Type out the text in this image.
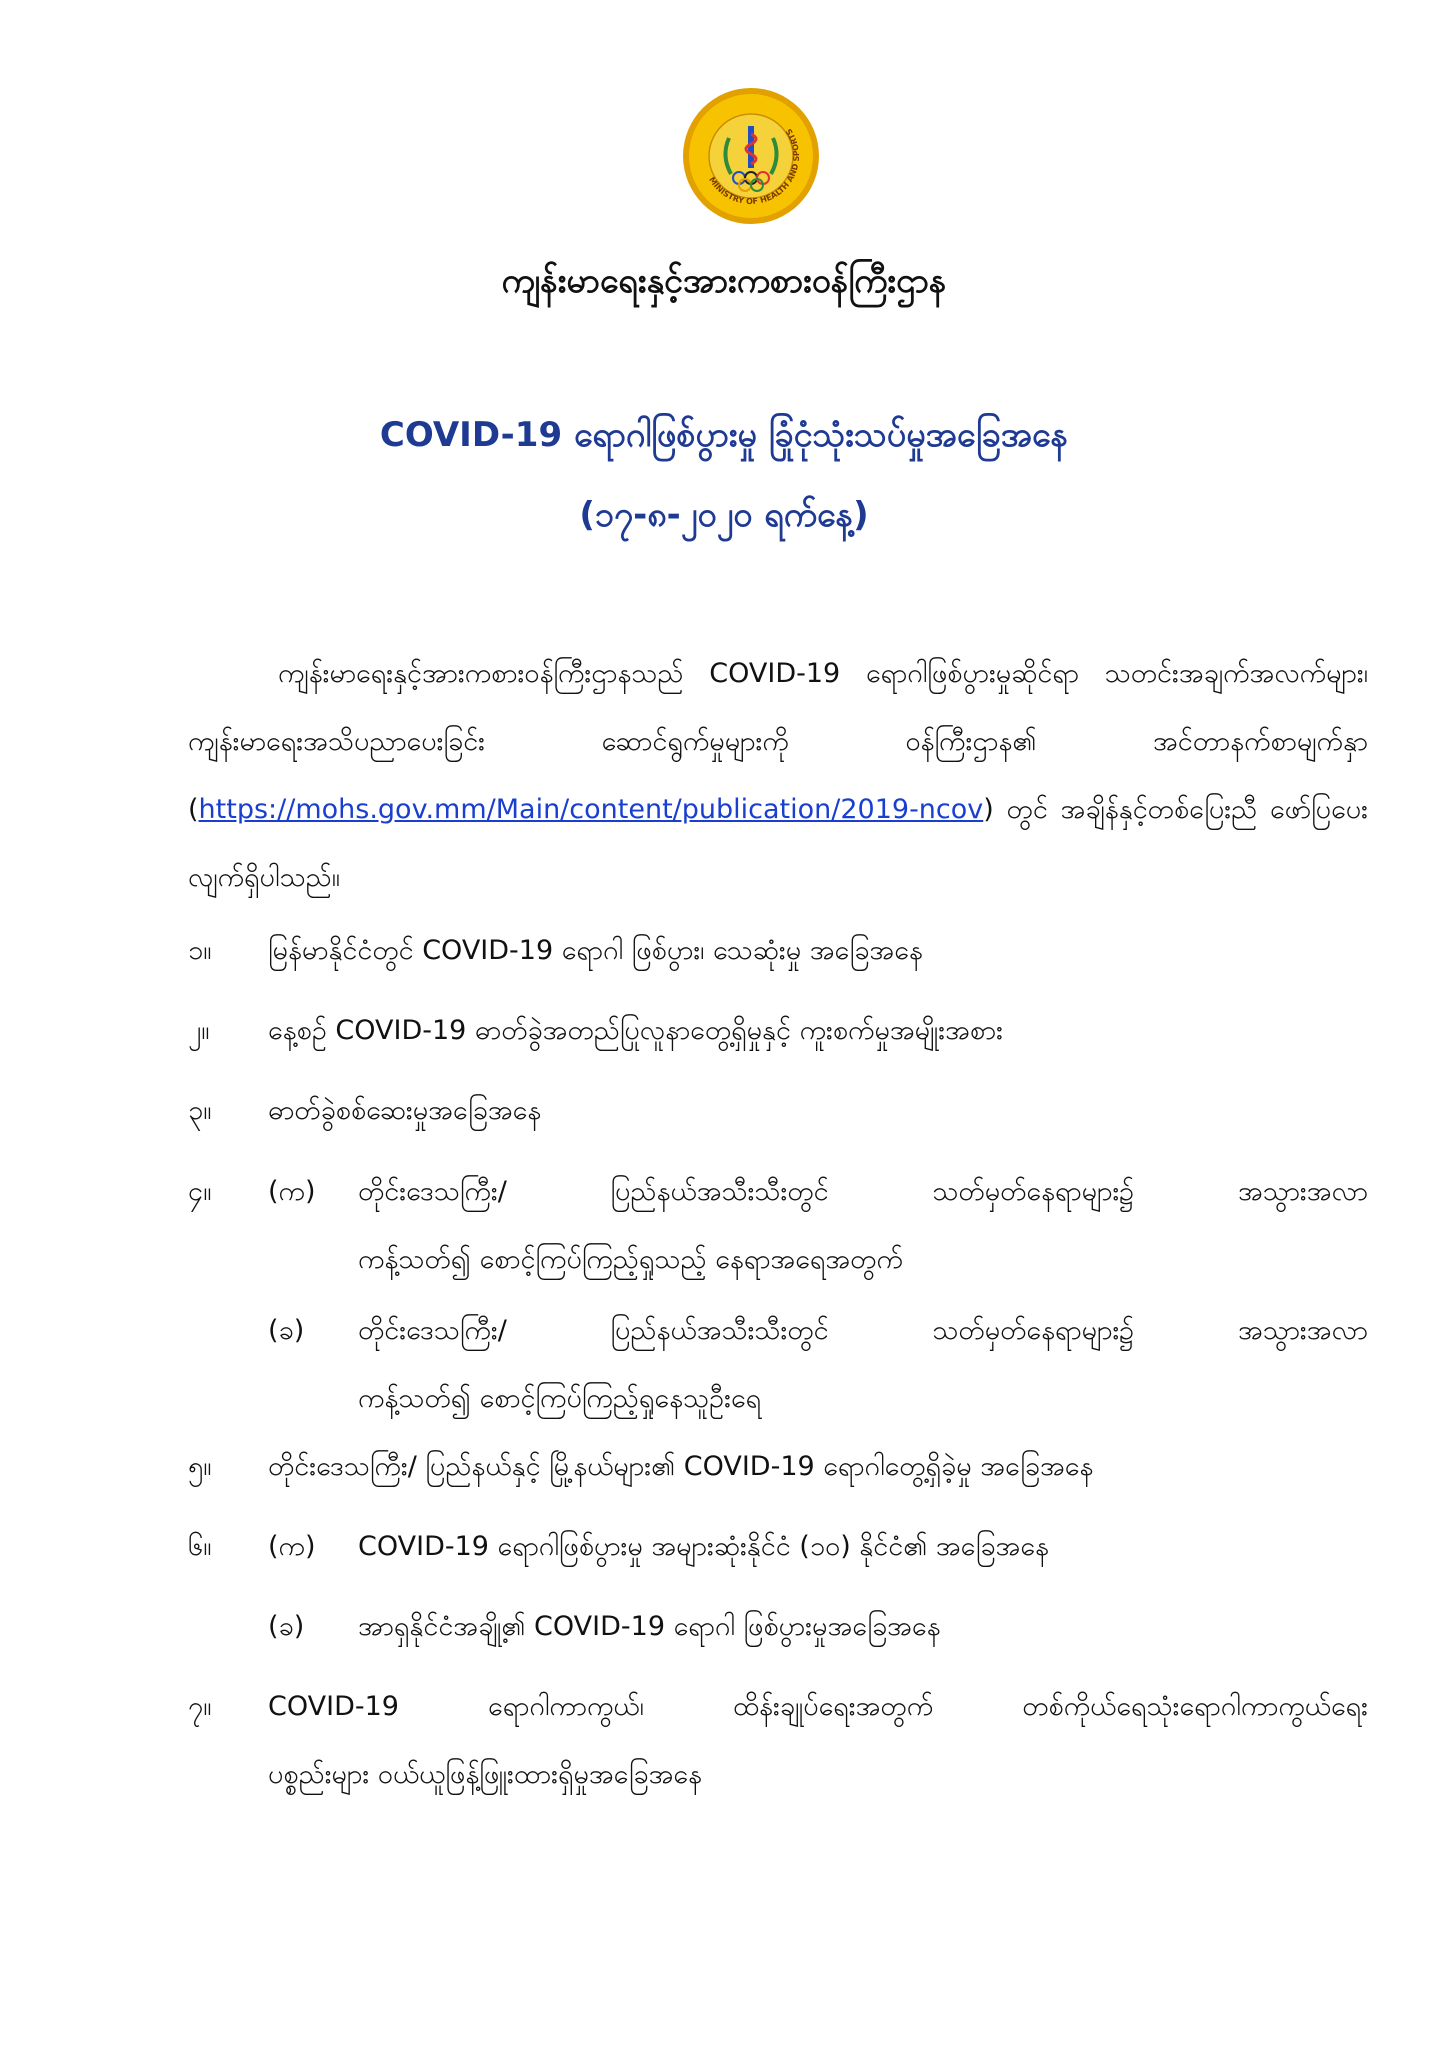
MINISTRY OF HEALTH AND SPORTS
ကျန်းမာရေးနှင့်အားကစားဝန်ကြီးဌာန
COVID-19 ရောဂါဖြစ်ပွားမှု ခြုံငုံသုံးသပ်မှုအခြေအနေ
(၁၇-၈-၂၀၂၀ ရက်နေ့)
ကျန်းမာရေးနှင့်အားကစားဝန်ကြီးဌာနသည် COVID-19 ရောဂါဖြစ်ပွားမှုဆိုင်ရာ သတင်းအချက်အလက်များ၊ ကျန်းမာရေးအသိပညာပေးခြင်း ဆောင်ရွက်မှုများကို ဝန်ကြီးဌာန၏ အင်တာနက်စာမျက်နှာ (https://mohs.gov.mm/Main/content/publication/2019-ncov) တွင် အချိန်နှင့်တစ်ပြေးညီ ဖော်ပြပေးလျက်ရှိပါသည်။
၁။ မြန်မာနိုင်ငံတွင် COVID-19 ရောဂါ ဖြစ်ပွား၊ သေဆုံးမှု အခြေအနေ
၂။ နေ့စဉ် COVID-19 ဓာတ်ခွဲအတည်ပြုလူနာတွေ့ရှိမှုနှင့် ကူးစက်မှုအမျိုးအစား
၃။ ဓာတ်ခွဲစစ်ဆေးမှုအခြေအနေ
၄။ (က) တိုင်းဒေသကြီး/ ပြည်နယ်အသီးသီးတွင် သတ်မှတ်နေရာများ၌ အသွားအလာ
ကန့်သတ်၍ စောင့်ကြပ်ကြည့်ရှုသည့် နေရာအရေအတွက်
(ခ) တိုင်းဒေသကြီး/ ပြည်နယ်အသီးသီးတွင် သတ်မှတ်နေရာများ၌ အသွားအလာ
ကန့်သတ်၍ စောင့်ကြပ်ကြည့်ရှုနေသူဦးရေ
၅။ တိုင်းဒေသကြီး/ ပြည်နယ်နှင့် မြို့နယ်များ၏ COVID-19 ရောဂါတွေ့ရှိခဲ့မှု အခြေအနေ
၆။ (က) COVID-19 ရောဂါဖြစ်ပွားမှု အများဆုံးနိုင်ငံ (၁၀) နိုင်ငံ၏ အခြေအနေ
(ခ) အာရှနိုင်ငံအချို့၏ COVID-19 ရောဂါ ဖြစ်ပွားမှုအခြေအနေ
၇။ COVID-19 ရောဂါကာကွယ်၊ ထိန်းချုပ်ရေးအတွက် တစ်ကိုယ်ရေသုံးရောဂါကာကွယ်ရေး
ပစ္စည်းများ ဝယ်ယူဖြန့်ဖြူးထားရှိမှုအခြေအနေ
